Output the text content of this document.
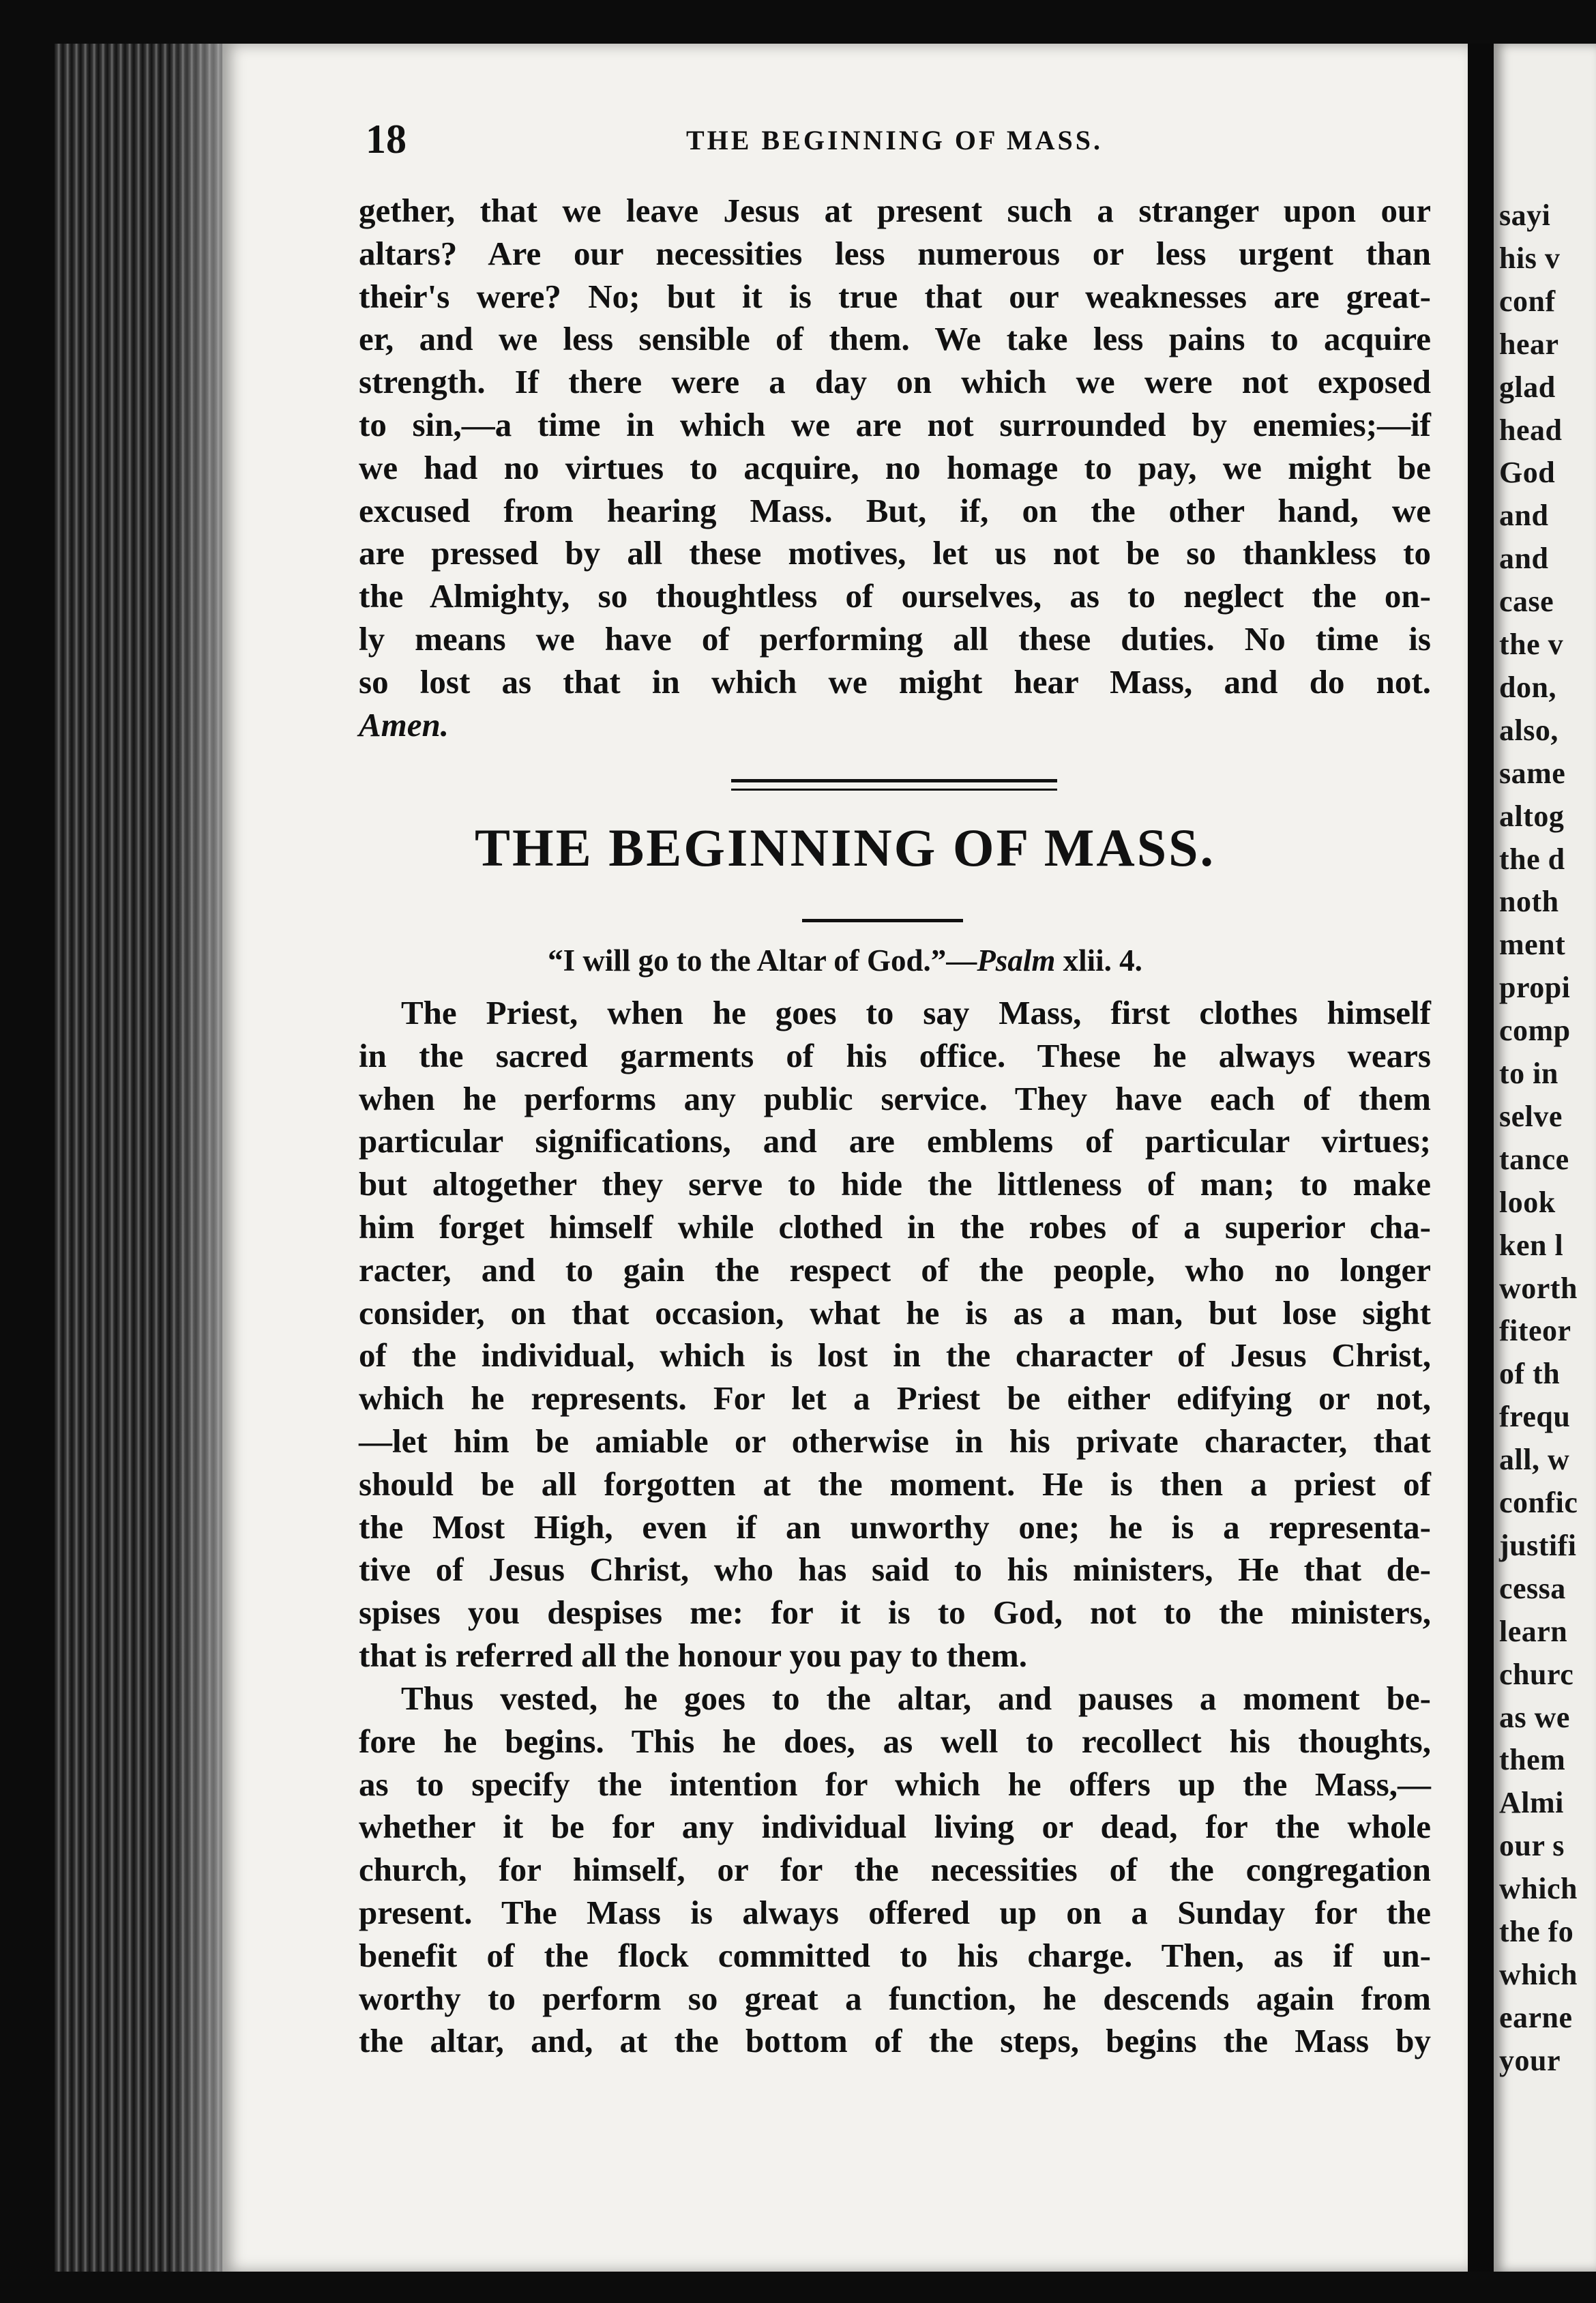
18	THE BEGINNING OF MASS.
gether, that we leave Jesus at present such a stranger upon our
altars? Are our necessities less numerous or less urgent than
their's were? No; but it is true that our weaknesses are great-
er, and we less sensible of them. We take less pains to acquire
strength. If there were a day on which we were not exposed
to sin,—a time in which we are not surrounded by enemies;—if
we had no virtues to acquire, no homage to pay, we might be
excused from hearing Mass. But, if, on the other hand, we
are pressed by all these motives, let us not be so thankless to
the Almighty, so thoughtless of ourselves, as to neglect the on-
ly means we have of performing all these duties. No time is
so lost as that in which we might hear Mass, and do not.
Amen.
THE BEGINNING OF MASS.
“I will go to the Altar of God.”—Psalm xlii. 4.
The Priest, when he goes to say Mass, first clothes himself
in the sacred garments of his office. These he always wears
when he performs any public service. They have each of them
particular significations, and are emblems of particular virtues;
but altogether they serve to hide the littleness of man; to make
him forget himself while clothed in the robes of a superior cha-
racter, and to gain the respect of the people, who no longer
consider, on that occasion, what he is as a man, but lose sight
of the individual, which is lost in the character of Jesus Christ,
which he represents. For let a Priest be either edifying or not,
—let him be amiable or otherwise in his private character, that
should be all forgotten at the moment. He is then a priest of
the Most High, even if an unworthy one; he is a representa-
tive of Jesus Christ, who has said to his ministers, He that de-
spises you despises me: for it is to God, not to the ministers,
that is referred all the honour you pay to them.
Thus vested, he goes to the altar, and pauses a moment be-
fore he begins. This he does, as well to recollect his thoughts,
as to specify the intention for which he offers up the Mass,—
whether it be for any individual living or dead, for the whole
church, for himself, or for the necessities of the congregation
present. The Mass is always offered up on a Sunday for the
benefit of the flock committed to his charge. Then, as if un-
worthy to perform so great a function, he descends again from
the altar, and, at the bottom of the steps, begins the Mass by
sayi
his v
conf
hear
glad
head
God
and
and
case
the v
don,
also,
same
altog
the d
noth
ment
propi
comp
to in
selve
tance
look
ken l
worth
fiteor
of th
frequ
all, w
confic
justifi
cessa
learn
churc
as we
them
Almi
our s
which
the fo
which
earne
your
